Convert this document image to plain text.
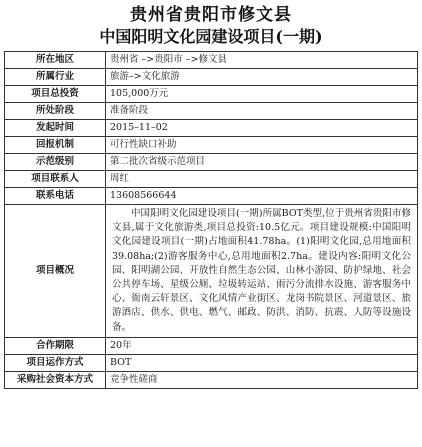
贵州省贵阳市修文县
中国阳明文化园建设项目(一期)
所在地区	贵州省 –>贵阳市 –>修文县
所属行业	旅游–>文化旅游
项目总投资	105,000万元
所处阶段	准备阶段
发起时间	2015–11–02
回报机制	可行性缺口补助
示范级别	第二批次省级示范项目
项目联系人	周红
联系电话	13608566644
项目概况	中国阳明文化园建设项目(一期)所属BOT类型,位于贵州省贵阳市修文县,属于文化旅游类,项目总投资:10.5亿元。项目建设规模:中国阳明文化园建设项目(一期)占地面积41.78ha。(1)阳明文化园,总用地面积39.08ha;(2)游客服务中心,总用地面积2.7ha。建设内容:阳明文化公园、阳明湖公园、开放性自然生态公园、山林小游园、防护绿地、社会公共停车场、星级公厕、垃圾转运站、雨污分流排水设施、游客服务中心、衙南云轩景区、文化风情产业街区、龙岗书院景区、河道景区、旅游酒店、供水、供电、燃气、邮政、防洪、消防、抗震、人防等设施设备。
合作期限	20年
项目运作方式	BOT
采购社会资本方式	竞争性磋商
